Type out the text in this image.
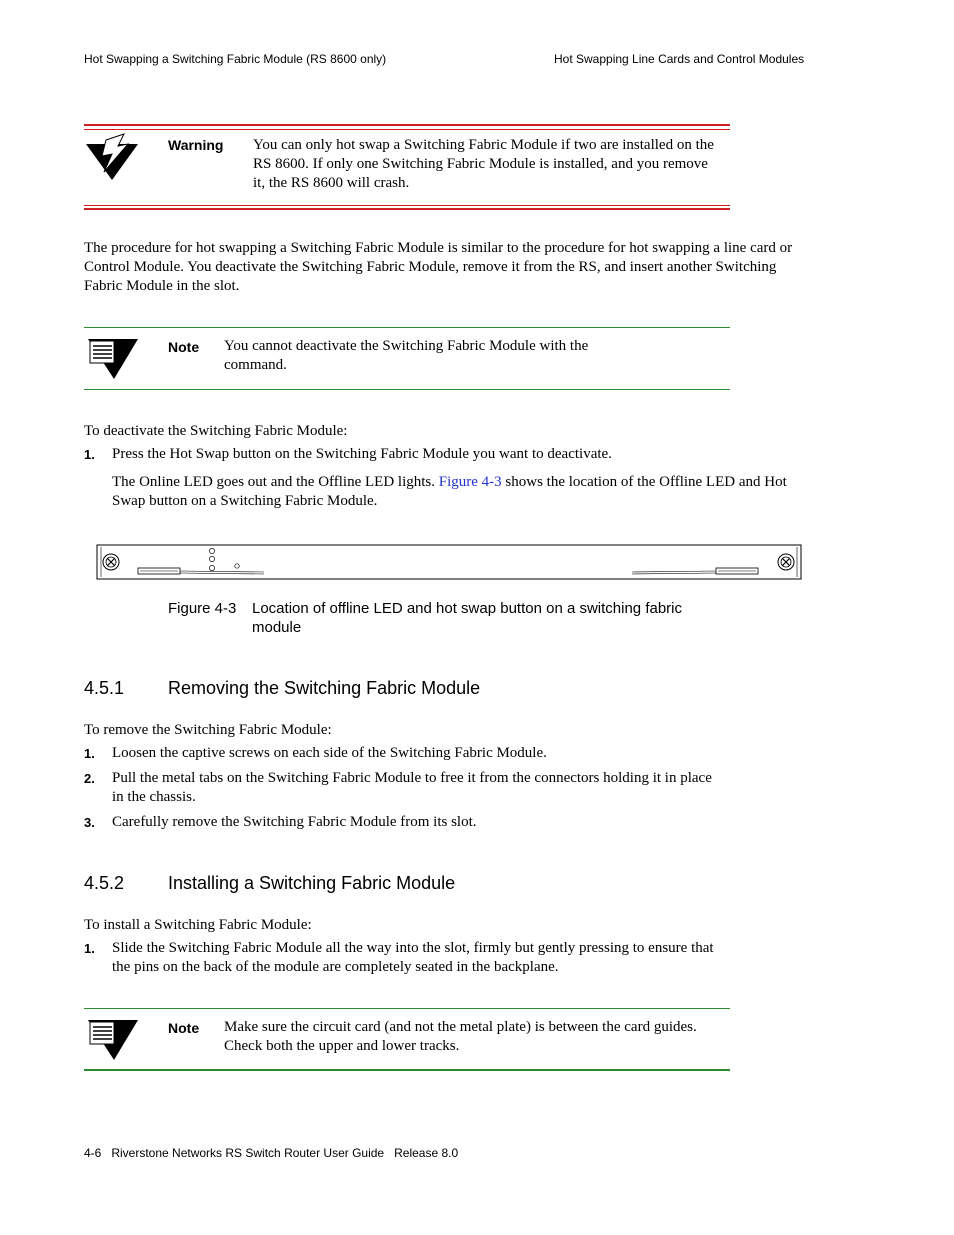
Hot Swapping a Switching Fabric Module (RS 8600 only)	Hot Swapping Line Cards and Control Modules
Warning You can only hot swap a Switching Fabric Module if two are installed on the
RS 8600. If only one Switching Fabric Module is installed, and you remove
it, the RS 8600 will crash.
The procedure for hot swapping a Switching Fabric Module is similar to the procedure for hot swapping a line card or
Control Module. You deactivate the Switching Fabric Module, remove it from the RS, and insert another Switching
Fabric Module in the slot.
Note You cannot deactivate the Switching Fabric Module with the
command.
To deactivate the Switching Fabric Module:
1. Press the Hot Swap button on the Switching Fabric Module you want to deactivate.
The Online LED goes out and the Offline LED lights. Figure 4-3 shows the location of the Offline LED and Hot
Swap button on a Switching Fabric Module.
Figure 4-3 Location of offline LED and hot swap button on a switching fabric
module
4.5.1 Removing the Switching Fabric Module
To remove the Switching Fabric Module:
1. Loosen the captive screws on each side of the Switching Fabric Module.
2. Pull the metal tabs on the Switching Fabric Module to free it from the connectors holding it in place
in the chassis.
3. Carefully remove the Switching Fabric Module from its slot.
4.5.2 Installing a Switching Fabric Module
To install a Switching Fabric Module:
1. Slide the Switching Fabric Module all the way into the slot, firmly but gently pressing to ensure that
the pins on the back of the module are completely seated in the backplane.
Note Make sure the circuit card (and not the metal plate) is between the card guides.
Check both the upper and lower tracks.
4-6   Riverstone Networks RS Switch Router User Guide   Release 8.0
